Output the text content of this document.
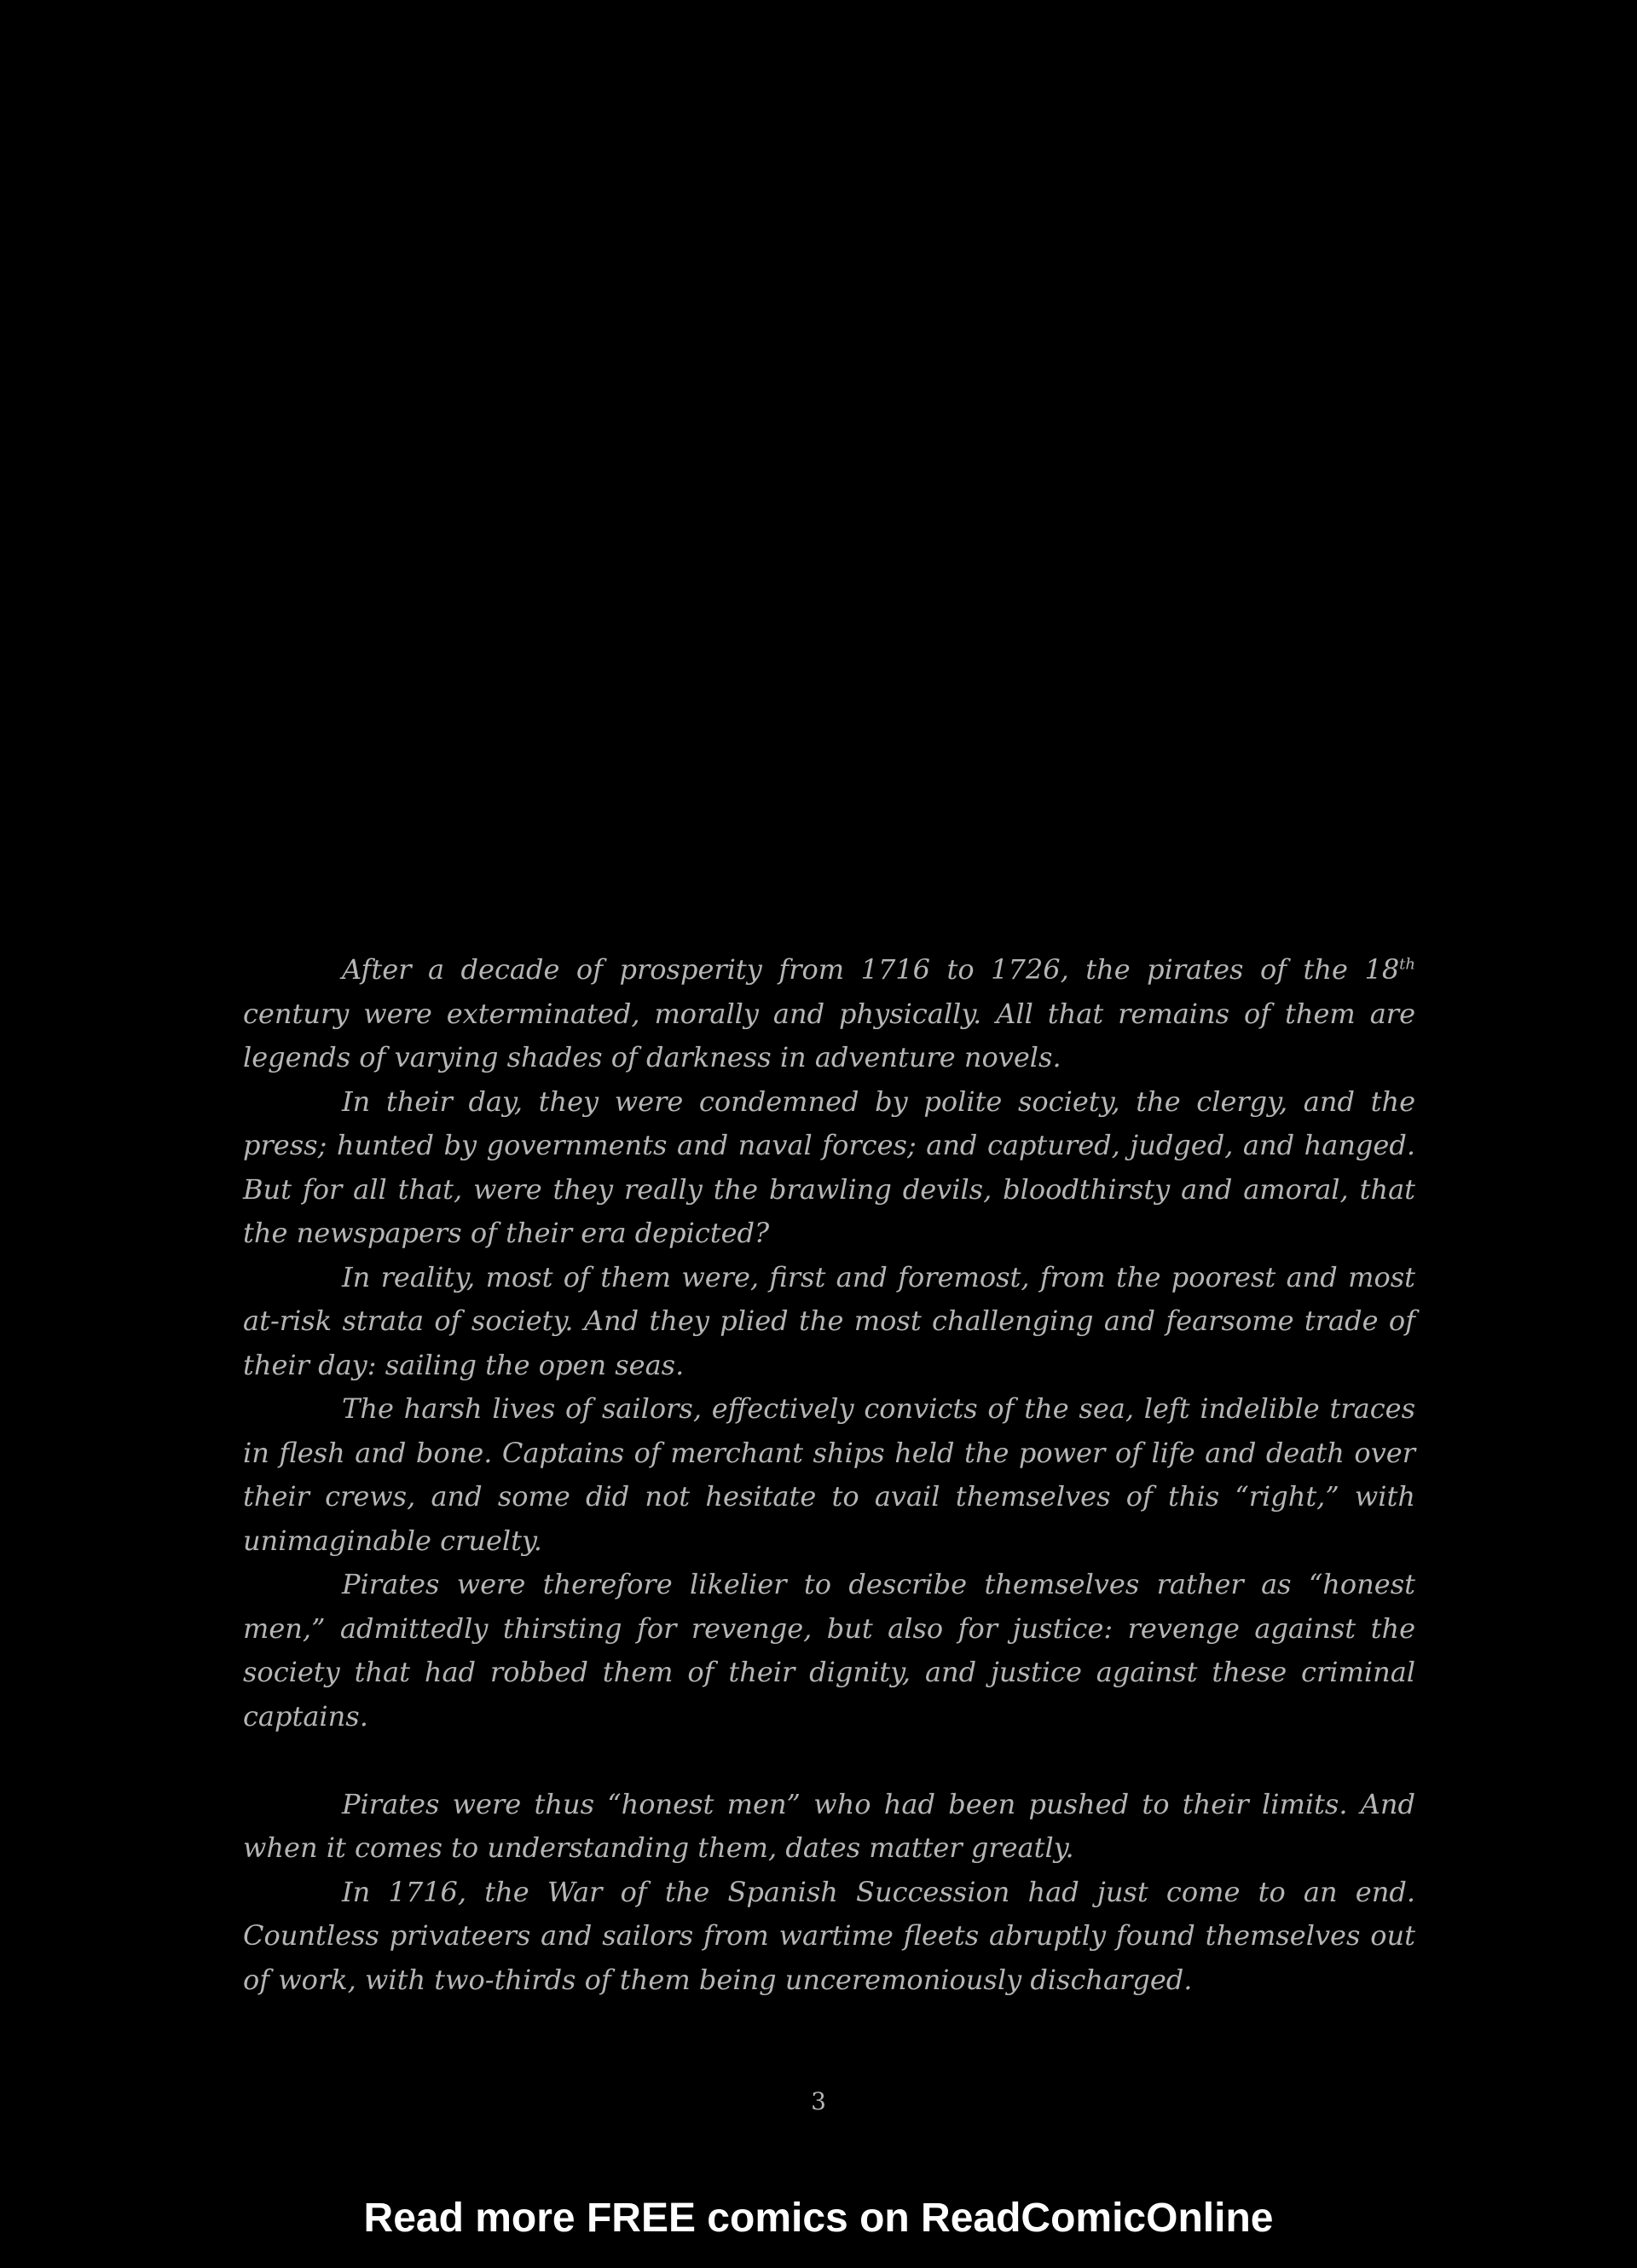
After a decade of prosperity from 1716 to 1726, the pirates of the 18th century were exterminated, morally and physically. All that remains of them are legends of varying shades of darkness in adventure novels.

In their day, they were condemned by polite society, the clergy, and the press; hunted by governments and naval forces; and captured, judged, and hanged. But for all that, were they really the brawling devils, bloodthirsty and amoral, that the newspapers of their era depicted?

In reality, most of them were, first and foremost, from the poorest and most at-risk strata of society. And they plied the most challenging and fearsome trade of their day: sailing the open seas.

The harsh lives of sailors, effectively convicts of the sea, left indelible traces in flesh and bone. Captains of merchant ships held the power of life and death over their crews, and some did not hesitate to avail themselves of this “right,” with unimaginable cruelty.

Pirates were therefore likelier to describe themselves rather as “honest men,” admittedly thirsting for revenge, but also for justice: revenge against the society that had robbed them of their dignity, and justice against these criminal captains.

Pirates were thus “honest men” who had been pushed to their limits. And when it comes to understanding them, dates matter greatly.

In 1716, the War of the Spanish Succession had just come to an end. Countless privateers and sailors from wartime fleets abruptly found themselves out of work, with two-thirds of them being unceremoniously discharged.

3
Read more FREE comics on ReadComicOnline
